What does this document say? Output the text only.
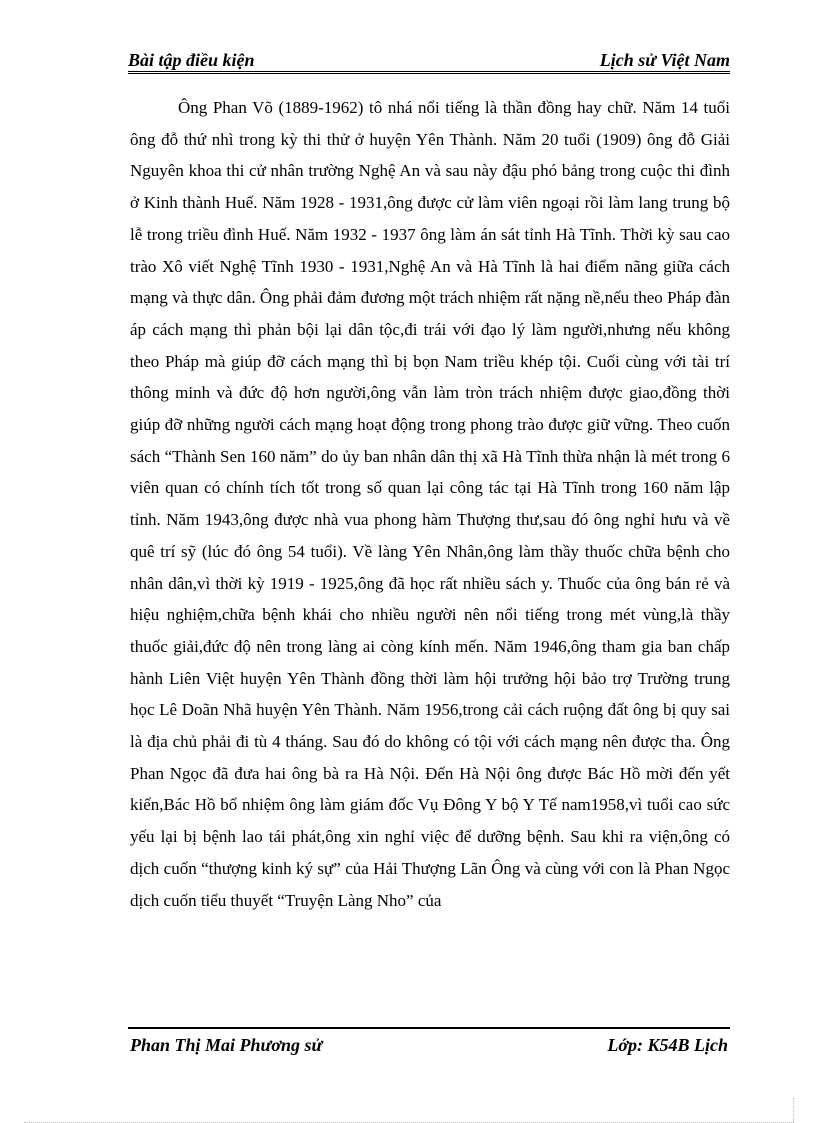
Bài tập điều kiện	Lịch sử Việt Nam

Ông Phan Võ (1889-1962) tô nhá nổi tiếng là thần đồng hay chữ. Năm 14 tuổi ông đỗ thứ nhì trong kỳ thi thử ở huyện Yên Thành. Năm 20 tuổi (1909) ông đỗ Giải Nguyên khoa thi cử nhân trường Nghệ An và sau này đậu phó bảng trong cuộc thi đình ở Kinh thành Huế. Năm 1928 - 1931,ông được cử làm viên ngoại rồi làm lang trung bộ lễ trong triều đình Huế. Năm 1932 - 1937 ông làm án sát tỉnh Hà Tĩnh. Thời kỳ sau cao trào Xô viết Nghệ Tĩnh 1930 - 1931,Nghệ An và Hà Tĩnh là hai điểm nãng giữa cách mạng và thực dân. Ông phải đảm đương một trách nhiệm rất nặng nề,nếu theo Pháp đàn áp cách mạng thì phản bội lại dân tộc,đi trái với đạo lý làm người,nhưng nếu không theo Pháp mà giúp đỡ cách mạng thì bị bọn Nam triều khép tội. Cuối cùng với tài trí thông minh và đức độ hơn người,ông vẫn làm tròn trách nhiệm được giao,đồng thời giúp đỡ những người cách mạng hoạt động trong phong trào được giữ vững. Theo cuốn sách “Thành Sen 160 năm” do ủy ban nhân dân thị xã Hà Tĩnh thừa nhận là mét trong 6 viên quan có chính tích tốt trong số quan lại công tác tại Hà Tĩnh trong 160 năm lập tỉnh. Năm 1943,ông được nhà vua phong hàm Thượng thư,sau đó ông nghỉ hưu và về quê trí sỹ (lúc đó ông 54 tuổi). Về làng Yên Nhân,ông làm thầy thuốc chữa bệnh cho nhân dân,vì thời kỳ 1919 - 1925,ông đã học rất nhiều sách y. Thuốc của ông bán rẻ và hiệu nghiệm,chữa bệnh khái cho nhiều người nên nổi tiếng trong mét vùng,là thầy thuốc giải,đức độ nên trong làng ai còng kính mến. Năm 1946,ông tham gia ban chấp hành Liên Việt huyện Yên Thành đồng thời làm hội trưởng hội bảo trợ Trường trung học Lê Doãn Nhã huyện Yên Thành. Năm 1956,trong cải cách ruộng đất ông bị quy sai là địa chủ phải đi tù 4 tháng. Sau đó do không có tội với cách mạng nên được tha. Ông Phan Ngọc đã đưa hai ông bà ra Hà Nội. Đến Hà Nội ông được Bác Hồ mời đến yết kiến,Bác Hồ bổ nhiệm ông làm giám đốc Vụ Đông Y bộ Y Tế nam1958,vì tuổi cao sức yếu lại bị bệnh lao tái phát,ông xin nghỉ việc để dưỡng bệnh. Sau khi ra viện,ông có dịch cuốn “thượng kinh ký sự” của Hải Thượng Lãn Ông và cùng với con là Phan Ngọc dịch cuốn tiểu thuyết “Truyện Làng Nho” của

Phan Thị Mai Phương sử	Lớp: K54B Lịch
